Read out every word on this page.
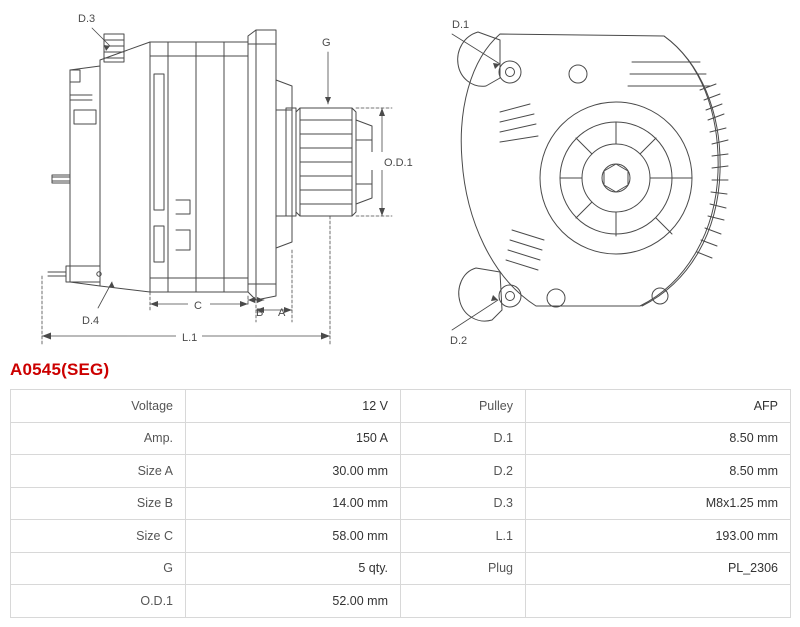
D.3
D.4
G
O.D.1
A
B
C
L.1
D.1
D.2
A0545(SEG)
Voltage	12 V	Pulley	AFP
Amp.	150 A	D.1	8.50 mm
Size A	30.00 mm	D.2	8.50 mm
Size B	14.00 mm	D.3	M8x1.25 mm
Size C	58.00 mm	L.1	193.00 mm
G	5 qty.	Plug	PL_2306
O.D.1	52.00 mm		
